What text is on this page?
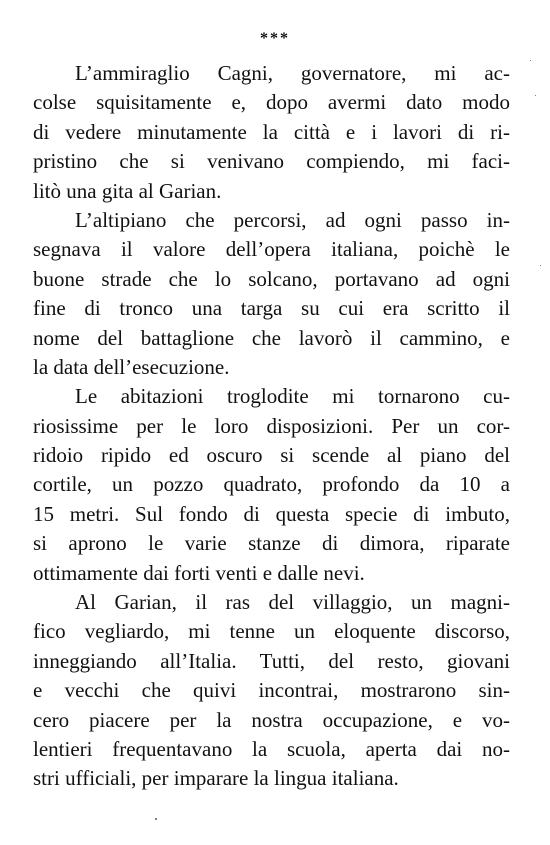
***
L’ammiraglio Cagni, governatore, mi ac-
colse squisitamente e, dopo avermi dato modo
di vedere minutamente la città e i lavori di ri-
pristino che si venivano compiendo, mi faci-
litò una gita al Garian.
L’altipiano che percorsi, ad ogni passo in-
segnava il valore dell’opera italiana, poichè le
buone strade che lo solcano, portavano ad ogni
fine di tronco una targa su cui era scritto il
nome del battaglione che lavorò il cammino, e
la data dell’esecuzione.
Le abitazioni troglodite mi tornarono cu-
riosissime per le loro disposizioni. Per un cor-
ridoio ripido ed oscuro si scende al piano del
cortile, un pozzo quadrato, profondo da 10 a
15 metri. Sul fondo di questa specie di imbuto,
si aprono le varie stanze di dimora, riparate
ottimamente dai forti venti e dalle nevi.
Al Garian, il ras del villaggio, un magni-
fico vegliardo, mi tenne un eloquente discorso,
inneggiando all’Italia. Tutti, del resto, giovani
e vecchi che quivi incontrai, mostrarono sin-
cero piacere per la nostra occupazione, e vo-
lentieri frequentavano la scuola, aperta dai no-
stri ufficiali, per imparare la lingua italiana.
